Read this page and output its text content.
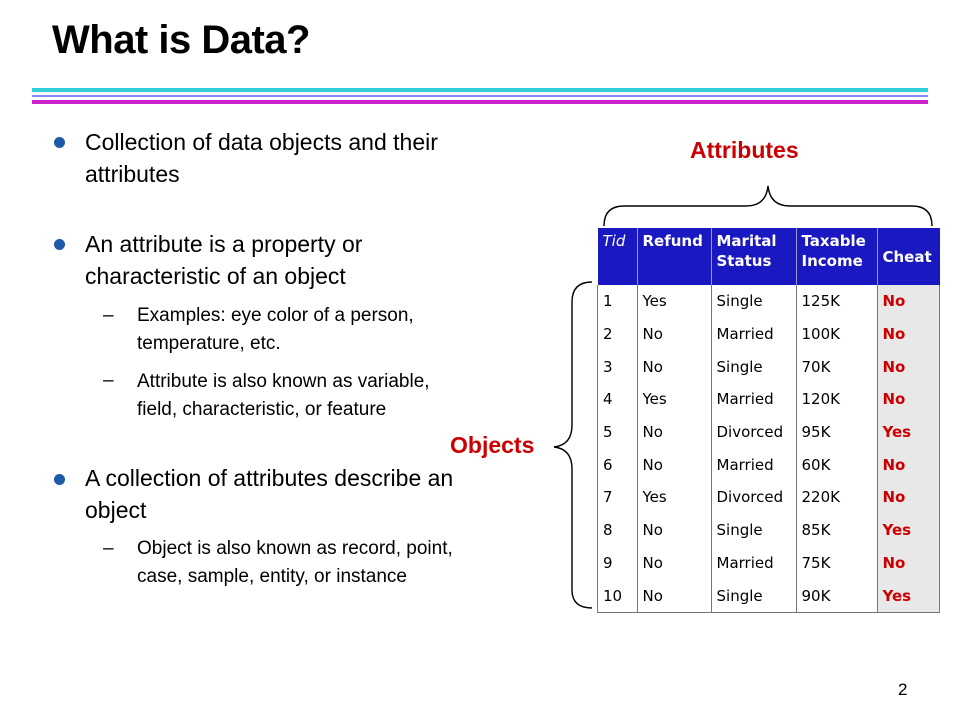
What is Data?
Collection of data objects and their attributes
An attribute is a property or characteristic of an object
– Examples: eye color of a person, temperature, etc.
– Attribute is also known as variable, field, characteristic, or feature
A collection of attributes describe an object
– Object is also known as record, point, case, sample, entity, or instance
Attributes
Objects
Tid	Refund	Marital Status	Taxable Income	Cheat
1	Yes	Single	125K	No
2	No	Married	100K	No
3	No	Single	70K	No
4	Yes	Married	120K	No
5	No	Divorced	95K	Yes
6	No	Married	60K	No
7	Yes	Divorced	220K	No
8	No	Single	85K	Yes
9	No	Married	75K	No
10	No	Single	90K	Yes
2
